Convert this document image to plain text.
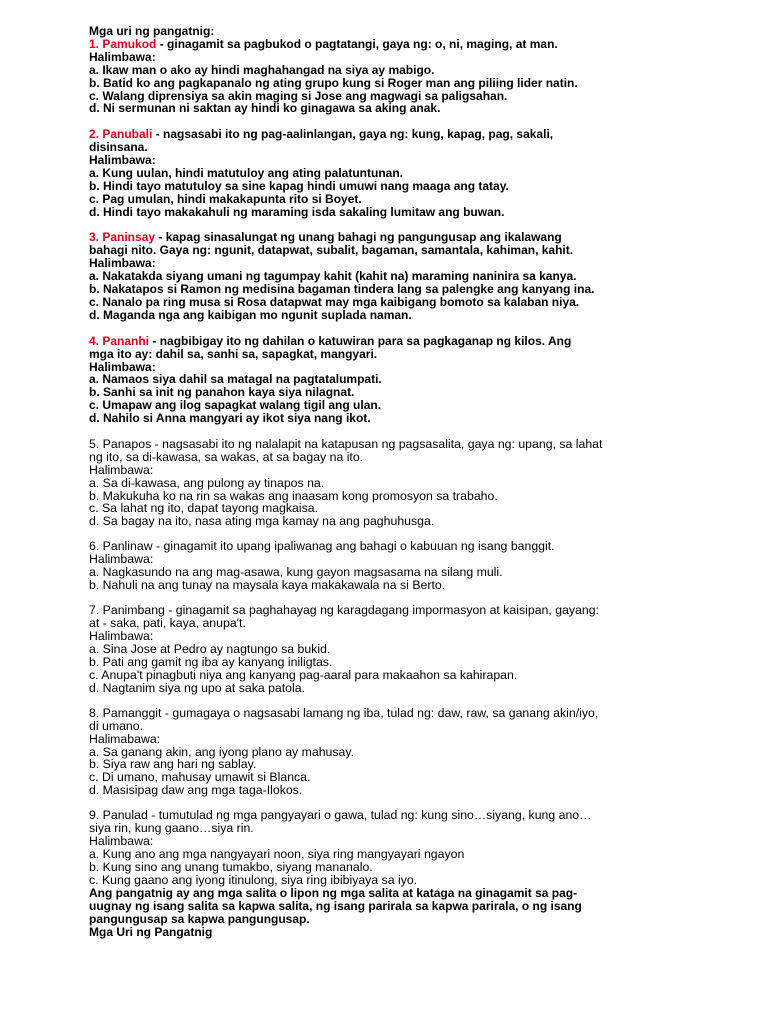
Mga uri ng pangatnig:
1. Pamukod - ginagamit sa pagbukod o pagtatangi, gaya ng: o, ni, maging, at man.
Halimbawa:
a. Ikaw man o ako ay hindi maghahangad na siya ay mabigo.
b. Batid ko ang pagkapanalo ng ating grupo kung si Roger man ang piliing lider natin.
c. Walang diprensiya sa akin maging si Jose ang magwagi sa paligsahan.
d. Ni sermunan ni saktan ay hindi ko ginagawa sa aking anak.
2. Panubali - nagsasabi ito ng pag-aalinlangan, gaya ng: kung, kapag, pag, sakali,
disinsana.
Halimbawa:
a. Kung uulan, hindi matutuloy ang ating palatuntunan.
b. Hindi tayo matutuloy sa sine kapag hindi umuwi nang maaga ang tatay.
c. Pag umulan, hindi makakapunta rito si Boyet.
d. Hindi tayo makakahuli ng maraming isda sakaling lumitaw ang buwan.
3. Paninsay - kapag sinasalungat ng unang bahagi ng pangungusap ang ikalawang
bahagi nito. Gaya ng: ngunit, datapwat, subalit, bagaman, samantala, kahiman, kahit.
Halimbawa:
a. Nakatakda siyang umani ng tagumpay kahit (kahit na) maraming naninira sa kanya.
b. Nakatapos si Ramon ng medisina bagaman tindera lang sa palengke ang kanyang ina.
c. Nanalo pa ring musa si Rosa datapwat may mga kaibigang bomoto sa kalaban niya.
d. Maganda nga ang kaibigan mo ngunit suplada naman.
4. Pananhi - nagbibigay ito ng dahilan o katuwiran para sa pagkaganap ng kilos. Ang
mga ito ay: dahil sa, sanhi sa, sapagkat, mangyari.
Halimbawa:
a. Namaos siya dahil sa matagal na pagtatalumpati.
b. Sanhi sa init ng panahon kaya siya nilagnat.
c. Umapaw ang ilog sapagkat walang tigil ang ulan.
d. Nahilo si Anna mangyari ay ikot siya nang ikot.
5. Panapos - nagsasabi ito ng nalalapit na katapusan ng pagsasalita, gaya ng: upang, sa lahat
ng ito, sa di-kawasa, sa wakas, at sa bagay na ito.
Halimbawa:
a. Sa di-kawasa, ang pulong ay tinapos na.
b. Makukuha ko na rin sa wakas ang inaasam kong promosyon sa trabaho.
c. Sa lahat ng ito, dapat tayong magkaisa.
d. Sa bagay na ito, nasa ating mga kamay na ang paghuhusga.
6. Panlinaw - ginagamit ito upang ipaliwanag ang bahagi o kabuuan ng isang banggit.
Halimbawa:
a. Nagkasundo na ang mag-asawa, kung gayon magsasama na silang muli.
b. Nahuli na ang tunay na maysala kaya makakawala na si Berto.
7. Panimbang - ginagamit sa paghahayag ng karagdagang impormasyon at kaisipan, gayang:
at - saka, pati, kaya, anupa't.
Halimbawa:
a. Sina Jose at Pedro ay nagtungo sa bukid.
b. Pati ang gamit ng iba ay kanyang iniligtas.
c. Anupa't pinagbuti niya ang kanyang pag-aaral para makaahon sa kahirapan.
d. Nagtanim siya ng upo at saka patola.
8. Pamanggit - gumagaya o nagsasabi lamang ng iba, tulad ng: daw, raw, sa ganang akin/iyo,
di umano.
Halimabawa:
a. Sa ganang akin, ang iyong plano ay mahusay.
b. Siya raw ang hari ng sablay.
c. Di umano, mahusay umawit si Blanca.
d. Masisipag daw ang mga taga-Ilokos.
9. Panulad - tumutulad ng mga pangyayari o gawa, tulad ng: kung sino…siyang, kung ano…
siya rin, kung gaano…siya rin.
Halimbawa:
a. Kung ano ang mga nangyayari noon, siya ring mangyayari ngayon
b. Kung sino ang unang tumakbo, siyang mananalo.
c. Kung gaano ang iyong itinulong, siya ring ibibiyaya sa iyo.
Ang pangatnig ay ang mga salita o lipon ng mga salita at kataga na ginagamit sa pag-
uugnay ng isang salita sa kapwa salita, ng isang parirala sa kapwa parirala, o ng isang
pangungusap sa kapwa pangungusap.
Mga Uri ng Pangatnig
